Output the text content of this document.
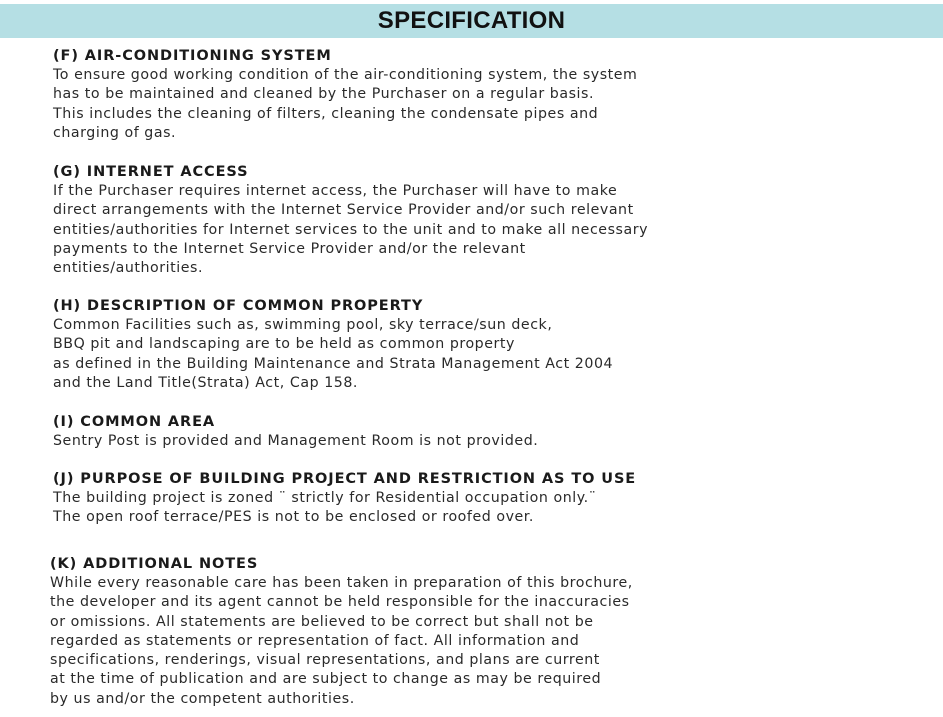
SPECIFICATION
(F) AIR-CONDITIONING SYSTEM
To ensure good working condition of the air-conditioning system, the system
has to be maintained and cleaned by the Purchaser on a regular basis.
This includes the cleaning of filters, cleaning the condensate pipes and
charging of gas.
(G) INTERNET ACCESS
If the Purchaser requires internet access, the Purchaser will have to make
direct arrangements with the Internet Service Provider and/or such relevant
entities/authorities for Internet services to the unit and to make all necessary
payments to the Internet Service Provider and/or the relevant
entities/authorities.
(H) DESCRIPTION OF COMMON PROPERTY
Common Facilities such as, swimming pool, sky terrace/sun deck,
BBQ pit and landscaping are to be held as common property
as defined in the Building Maintenance and Strata Management Act 2004
and the Land Title(Strata) Act, Cap 158.
(I) COMMON AREA
Sentry Post is provided and Management Room is not provided.
(J) PURPOSE OF BUILDING PROJECT AND RESTRICTION AS TO USE
The building project is zoned ¨ strictly for Residential occupation only.¨
The open roof terrace/PES is not to be enclosed or roofed over.
(K) ADDITIONAL NOTES
While every reasonable care has been taken in preparation of this brochure,
the developer and its agent cannot be held responsible for the inaccuracies
or omissions. All statements are believed to be correct but shall not be
regarded as statements or representation of fact. All information and
specifications, renderings, visual representations, and plans are current
at the time of publication and are subject to change as may be required
by us and/or the competent authorities.
